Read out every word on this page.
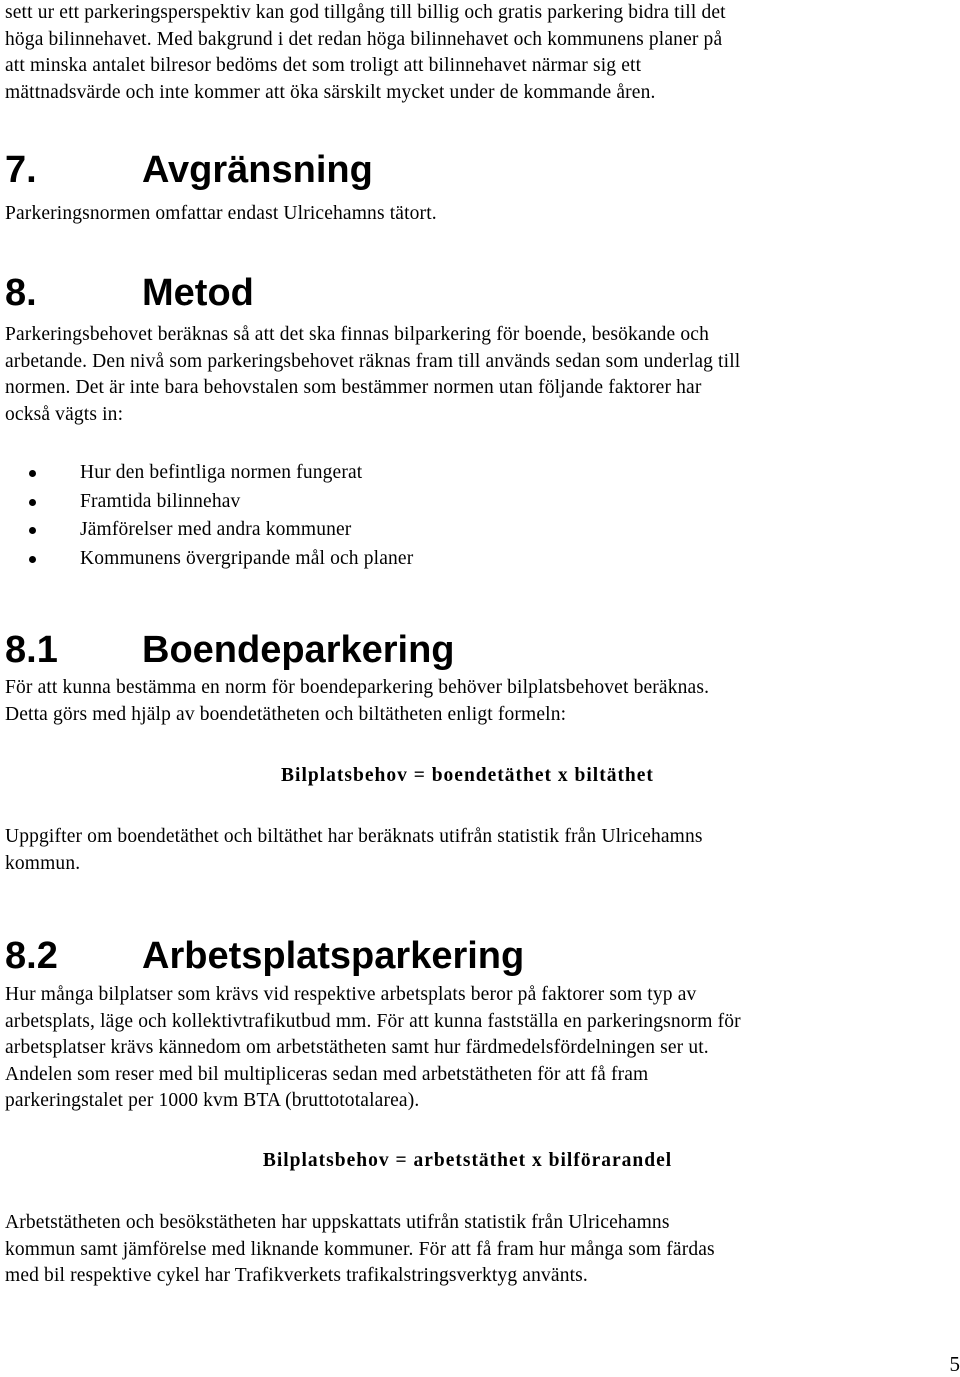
sett ur ett parkeringsperspektiv kan god tillgång till billig och gratis parkering bidra till det

höga bilinnehavet. Med bakgrund i det redan höga bilinnehavet och kommunens planer på

att minska antalet bilresor bedöms det som troligt att bilinnehavet närmar sig ett

mättnadsvärde och inte kommer att öka särskilt mycket under de kommande åren.

7.	Avgränsning

Parkeringsnormen omfattar endast Ulricehamns tätort.

8.	Metod

Parkeringsbehovet beräknas så att det ska finnas bilparkering för boende, besökande och

arbetande. Den nivå som parkeringsbehovet räknas fram till används sedan som underlag till

normen. Det är inte bara behovstalen som bestämmer normen utan följande faktorer har

också vägts in:

Hur den befintliga normen fungerat
Framtida bilinnehav
Jämförelser med andra kommuner
Kommunens övergripande mål och planer
8.1	Boendeparkering

För att kunna bestämma en norm för boendeparkering behöver bilplatsbehovet beräknas.

Detta görs med hjälp av boendetätheten och biltätheten enligt formeln:

Bilplatsbehov = boendetäthet x biltäthet

Uppgifter om boendetäthet och biltäthet har beräknats utifrån statistik från Ulricehamns

kommun.

8.2	Arbetsplatsparkering

Hur många bilplatser som krävs vid respektive arbetsplats beror på faktorer som typ av

arbetsplats, läge och kollektivtrafikutbud mm. För att kunna fastställa en parkeringsnorm för

arbetsplatser krävs kännedom om arbetstätheten samt hur färdmedelsfördelningen ser ut.

Andelen som reser med bil multipliceras sedan med arbetstätheten för att få fram

parkeringstalet per 1000 kvm BTA (bruttototalarea).

Bilplatsbehov = arbetstäthet x bilförarandel

Arbetstätheten och besökstätheten har uppskattats utifrån statistik från Ulricehamns

kommun samt jämförelse med liknande kommuner. För att få fram hur många som färdas

med bil respektive cykel har Trafikverkets trafikalstringsverktyg använts.

5
